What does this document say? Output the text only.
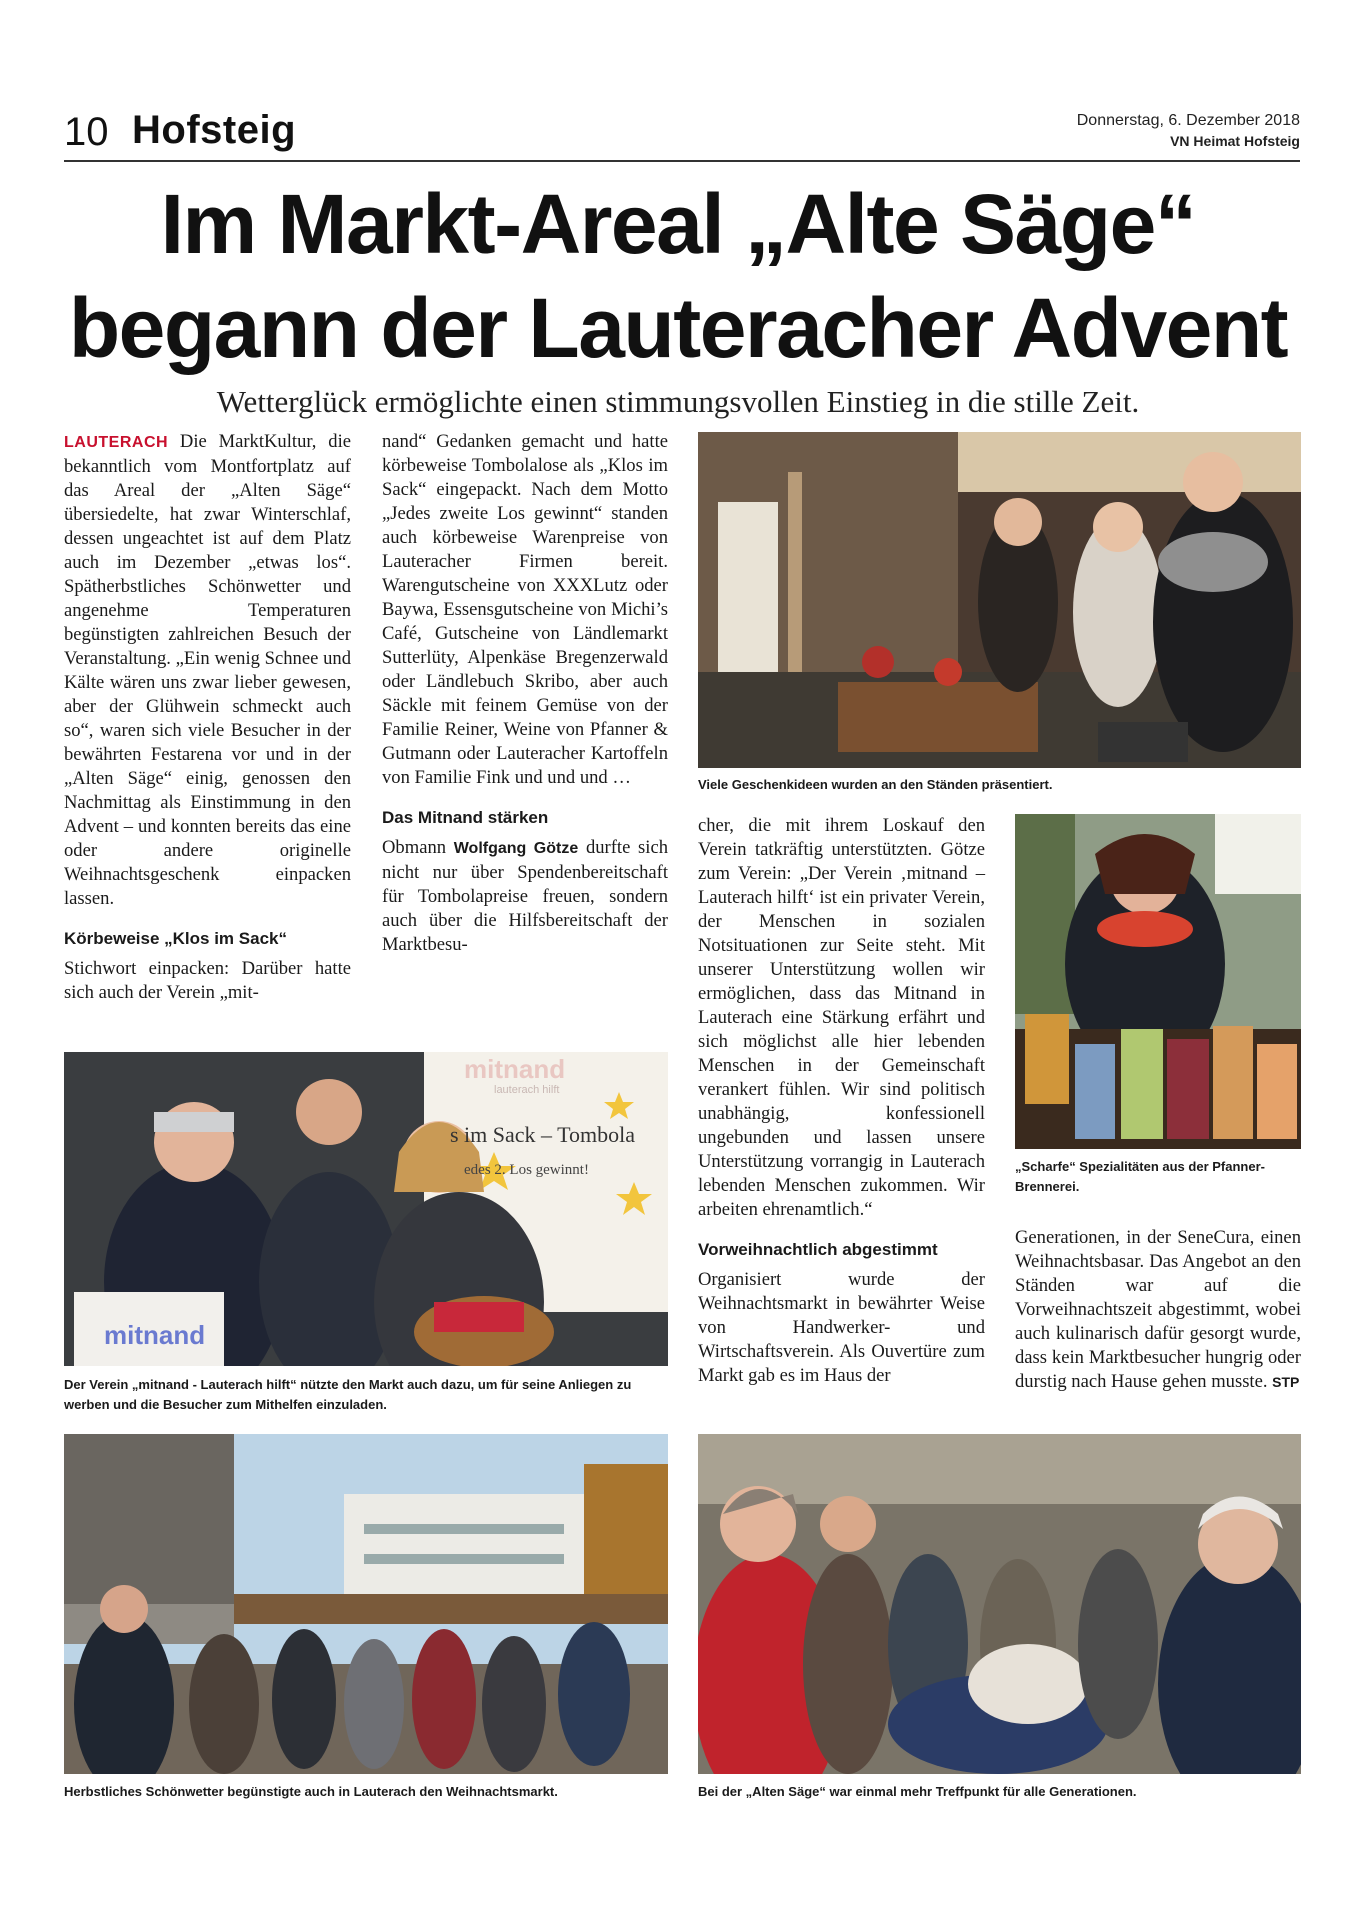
10 Hofsteig	Donnerstag, 6. Dezember 2018
VN Heimat Hofsteig
Im Markt-Areal „Alte Säge“
begann der Lauteracher Advent
Wetterglück ermöglichte einen stimmungsvollen Einstieg in die stille Zeit.

LAUTERACH Die MarktKultur, die bekanntlich vom Montfortplatz auf das Areal der „Alten Säge“ übersiedelte, hat zwar Winterschlaf, dessen ungeachtet ist auf dem Platz auch im Dezember „etwas los“. Spätherbstliches Schönwetter und angenehme Temperaturen begünstigten zahlreichen Besuch der Veranstaltung. „Ein wenig Schnee und Kälte wären uns zwar lieber gewesen, aber der Glühwein schmeckt auch so“, waren sich viele Besucher in der bewährten Festarena vor und in der „Alten Säge“ einig, genossen den Nachmittag als Einstimmung in den Advent – und konnten bereits das eine oder andere originelle Weihnachtsgeschenk einpacken lassen.

Körbeweise „Klos im Sack“

Stichwort einpacken: Darüber hatte sich auch der Verein „mit-

nand“ Gedanken gemacht und hatte körbeweise Tombolalose als „Klos im Sack“ eingepackt. Nach dem Motto „Jedes zweite Los gewinnt“ standen auch körbeweise Warenpreise von Lauteracher Firmen bereit. Warengutscheine von XXXLutz oder Baywa, Essensgutscheine von Michi’s Café, Gutscheine von Ländlemarkt Sutterlüty, Alpenkäse Bregenzerwald oder Ländlebuch Skribo, aber auch Säckle mit feinem Gemüse von der Familie Reiner, Weine von Pfanner & Gutmann oder Lauteracher Kartoffeln von Familie Fink und und und …

Das Mitnand stärken

Obmann Wolfgang Götze durfte sich nicht nur über Spendenbereitschaft für Tombolapreise freuen, sondern auch über die Hilfsbereitschaft der Marktbesu-

cher, die mit ihrem Loskauf den Verein tatkräftig unterstützten. Götze zum Verein: „Der Verein ‚mitnand – Lauterach hilft‘ ist ein privater Verein, der Menschen in sozialen Notsituationen zur Seite steht. Mit unserer Unterstützung wollen wir ermöglichen, dass das Mitnand in Lauterach eine Stärkung erfährt und sich möglichst alle hier lebenden Menschen in der Gemeinschaft verankert fühlen. Wir sind politisch unabhängig, konfessionell ungebunden und lassen unsere Unterstützung vorrangig in Lauterach lebenden Menschen zukommen. Wir arbeiten ehrenamtlich.“

Vorweihnachtlich abgestimmt

Organisiert wurde der Weihnachtsmarkt in bewährter Weise von Handwerker- und Wirtschaftsverein. Als Ouvertüre zum Markt gab es im Haus der

Generationen, in der SeneCura, einen Weihnachtsbasar. Das Angebot an den Ständen war auf die Vorweihnachtszeit abgestimmt, wobei auch kulinarisch dafür gesorgt wurde, dass kein Marktbesucher hungrig oder durstig nach Hause gehen musste. STP

Viele Geschenkideen wurden an den Ständen präsentiert.
„Scharfe“ Spezialitäten aus der Pfanner-Brennerei.
mitnand
lauterach hilft
s im Sack – Tombola
edes 2. Los gewinnt!
mitnand
Der Verein „mitnand - Lauterach hilft“ nützte den Markt auch dazu, um für seine Anliegen zu werben und die Besucher zum Mithelfen einzuladen.
Herbstliches Schönwetter begünstigte auch in Lauterach den Weihnachtsmarkt.	Bei der „Alten Säge“ war einmal mehr Treffpunkt für alle Generationen.
